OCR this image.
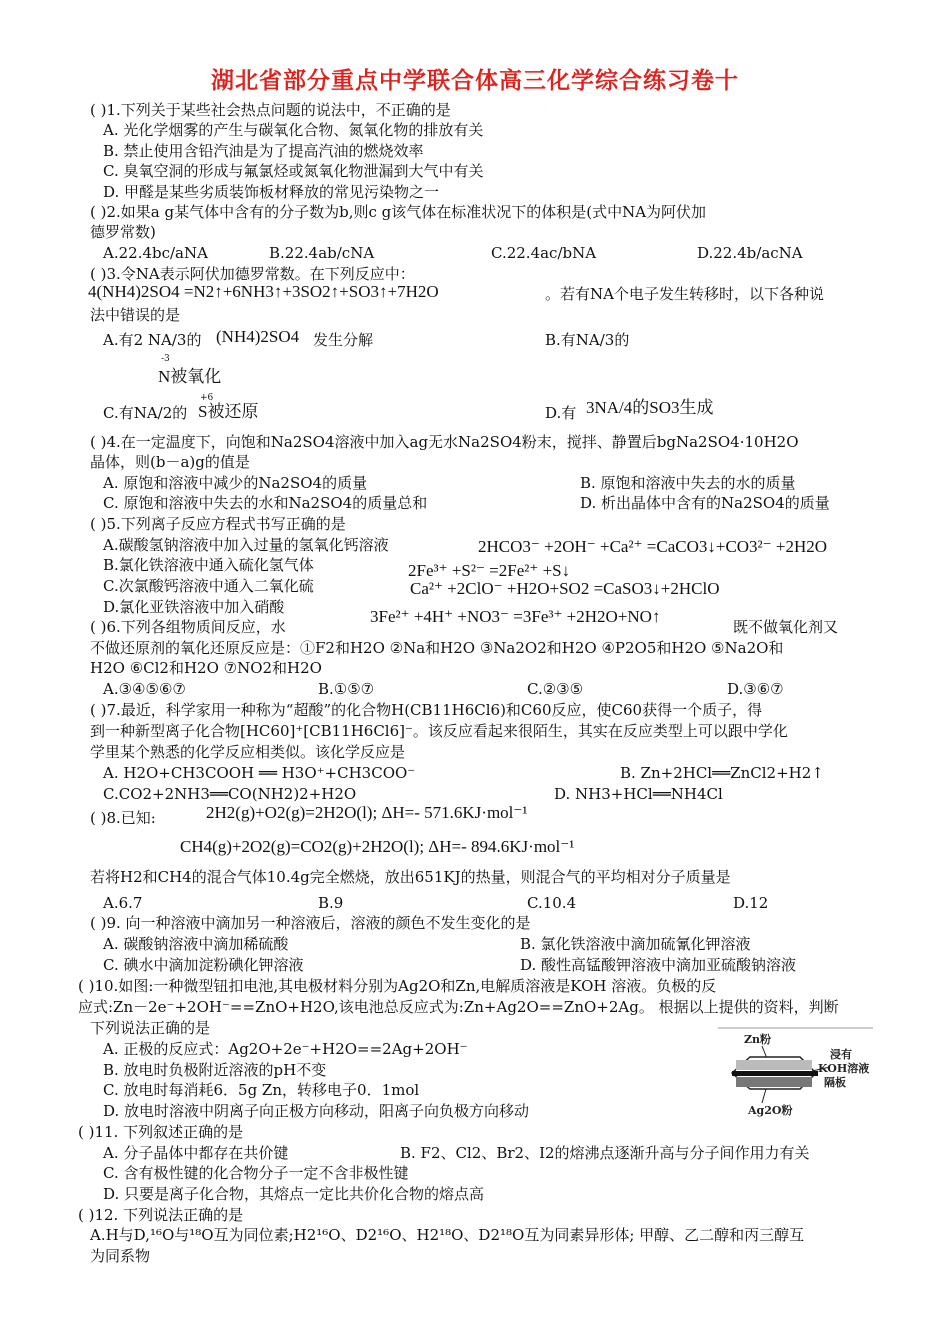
湖北省部分重点中学联合体高三化学综合练习卷十
( )1.下列关于某些社会热点问题的说法中，不正确的是
A. 光化学烟雾的产生与碳氧化合物、氮氧化物的排放有关
B. 禁止使用含铅汽油是为了提高汽油的燃烧效率
C. 臭氧空洞的形成与氟氯烃或氮氧化物泄漏到大气中有关
D. 甲醛是某些劣质装饰板材释放的常见污染物之一
( )2.如果a g某气体中含有的分子数为b,则c g该气体在标准状况下的体积是(式中NA为阿伏加
德罗常数)
A.22.4bc/aNA	B.22.4ab/cNA	C.22.4ac/bNA	D.22.4b/acNA
( )3.令NA表示阿伏加德罗常数。在下列反应中：
4(NH4)2SO4 =N2↑+6NH3↑+3SO2↑+SO3↑+7H2O	。若有NA个电子发生转移时，以下各种说
法中错误的是
A.有2 NA/3的 (NH4)2SO4 发生分解	B.有NA/3的
-3
N被氧化
C.有NA/2的
+6
S被还原	D.有 3NA/4的SO3生成
( )4.在一定温度下，向饱和Na2SO4溶液中加入ag无水Na2SO4粉末，搅拌、静置后bgNa2SO4·10H2O
晶体，则(b－a)g的值是
A. 原饱和溶液中减少的Na2SO4的质量	B. 原饱和溶液中失去的水的质量
C. 原饱和溶液中失去的水和Na2SO4的质量总和	D. 析出晶体中含有的Na2SO4的质量
( )5.下列离子反应方程式书写正确的是
A.碳酸氢钠溶液中加入过量的氢氧化钙溶液	2HCO3⁻ +2OH⁻ +Ca²⁺ =CaCO3↓+CO3²⁻ +2H2O
B.氯化铁溶液中通入硫化氢气体	2Fe³⁺ +S²⁻ =2Fe²⁺ +S↓
C.次氯酸钙溶液中通入二氧化硫	Ca²⁺ +2ClO⁻ +H2O+SO2 =CaSO3↓+2HClO
D.氯化亚铁溶液中加入硝酸	3Fe²⁺ +4H⁺ +NO3⁻ =3Fe³⁺ +2H2O+NO↑
( )6.下列各组物质间反应，水	既不做氧化剂又
不做还原剂的氧化还原反应是：①F2和H2O ②Na和H2O ③Na2O2和H2O ④P2O5和H2O ⑤Na2O和
H2O ⑥Cl2和H2O ⑦NO2和H2O
A.③④⑤⑥⑦	B.①⑤⑦	C.②③⑤	D.③⑥⑦
( )7.最近，科学家用一种称为“超酸”的化合物H(CB11H6Cl6)和C60反应，使C60获得一个质子，得
到一种新型离子化合物[HC60]⁺[CB11H6Cl6]⁻。该反应看起来很陌生，其实在反应类型上可以跟中学化
学里某个熟悉的化学反应相类似。该化学反应是
A. H2O+CH3COOH ══ H3O⁺+CH3COO⁻	B. Zn+2HCl══ZnCl2+H2↑
C.CO2+2NH3══CO(NH2)2+H2O	D. NH3+HCl══NH4Cl
( )8.已知:	2H2(g)+O2(g)=2H2O(l); ΔH=- 571.6KJ·mol⁻¹
CH4(g)+2O2(g)=CO2(g)+2H2O(l); ΔH=- 894.6KJ·mol⁻¹
若将H2和CH4的混合气体10.4g完全燃烧，放出651KJ的热量，则混合气的平均相对分子质量是
A.6.7	B.9	C.10.4	D.12
( )9. 向一种溶液中滴加另一种溶液后，溶液的颜色不发生变化的是
A. 碳酸钠溶液中滴加稀硫酸	B. 氯化铁溶液中滴加硫氰化钾溶液
C. 碘水中滴加淀粉碘化钾溶液	D. 酸性高锰酸钾溶液中滴加亚硫酸钠溶液
( )10.如图:一种微型钮扣电池,其电极材料分别为Ag2O和Zn,电解质溶液是KOH 溶液。负极的反
应式:Zn－2e⁻+2OH⁻==ZnO+H2O,该电池总反应式为:Zn+Ag2O==ZnO+2Ag。 根据以上提供的资料，判断
下列说法正确的是
A. 正极的反应式：Ag2O+2e⁻+H2O==2Ag+2OH⁻
B. 放电时负极附近溶液的pH不变
C. 放电时每消耗6．5g Zn，转移电子0．1mol
D. 放电时溶液中阴离子向正极方向移动，阳离子向负极方向移动
( )11. 下列叙述正确的是
A. 分子晶体中都存在共价键	B. F2、Cl2、Br2、I2的熔沸点逐渐升高与分子间作用力有关
C. 含有极性键的化合物分子一定不含非极性键
D. 只要是离子化合物，其熔点一定比共价化合物的熔点高
( )12. 下列说法正确的是
A.H与D,¹⁶O与¹⁸O互为同位素;H2¹⁶O、D2¹⁶O、H2¹⁸O、D2¹⁸O互为同素异形体; 甲醇、乙二醇和丙三醇互
为同系物
Zn粉
浸有
KOH溶液
隔板
Ag2O粉
